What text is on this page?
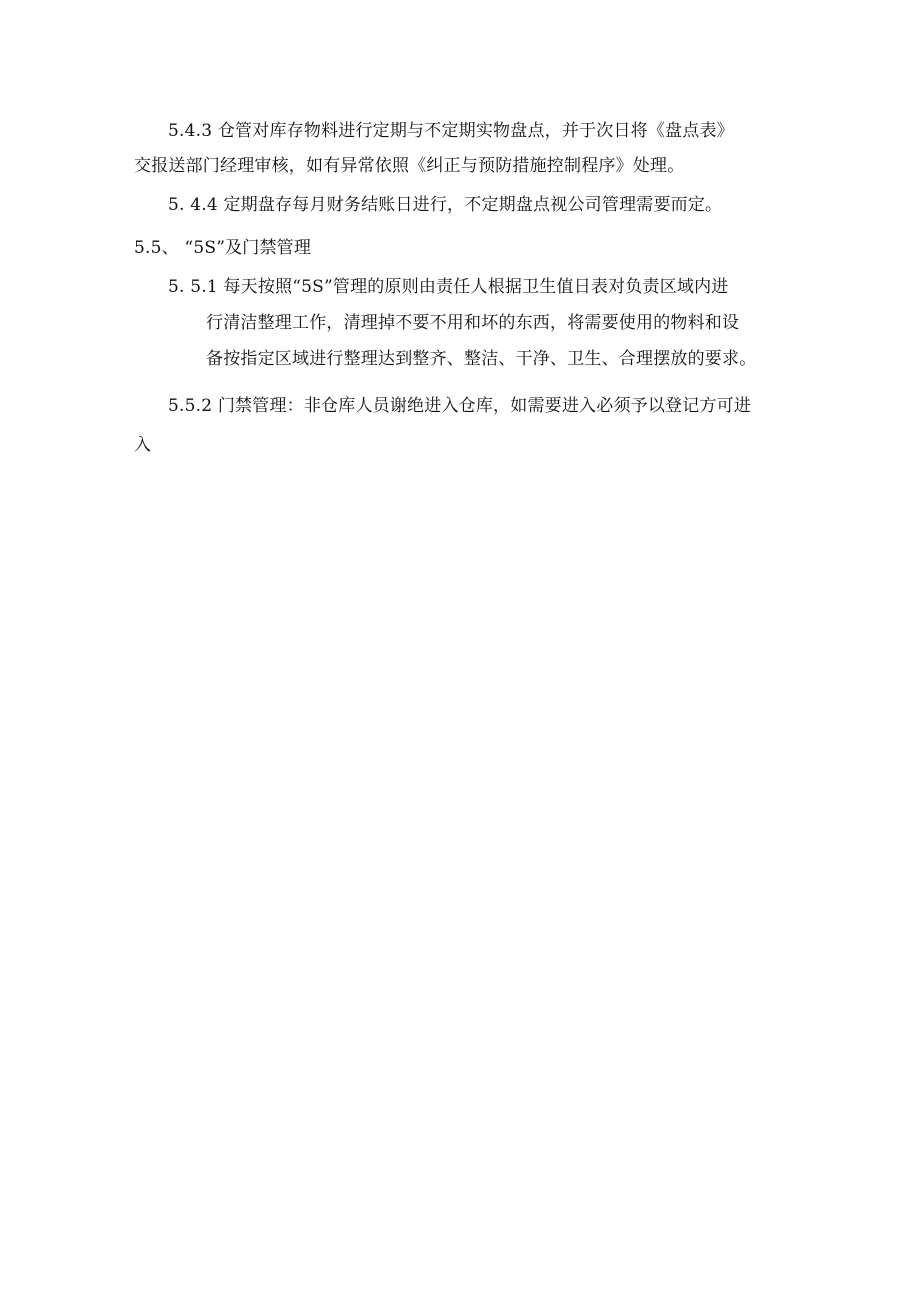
5.4.3 仓管对库存物料进行定期与不定期实物盘点，并于次日将《盘点表》
交报送部门经理审核，如有异常依照《纠正与预防措施控制程序》处理。
5. 4.4 定期盘存每月财务结账日进行，不定期盘点视公司管理需要而定。
5.5、 “5S”及门禁管理
5. 5.1 每天按照“5S”管理的原则由责任人根据卫生值日表对负责区域内进
行清洁整理工作，清理掉不要不用和坏的东西，将需要使用的物料和设
备按指定区域进行整理达到整齐、整洁、干净、卫生、合理摆放的要求。
5.5.2 门禁管理：非仓库人员谢绝进入仓库，如需要进入必须予以登记方可进
入
